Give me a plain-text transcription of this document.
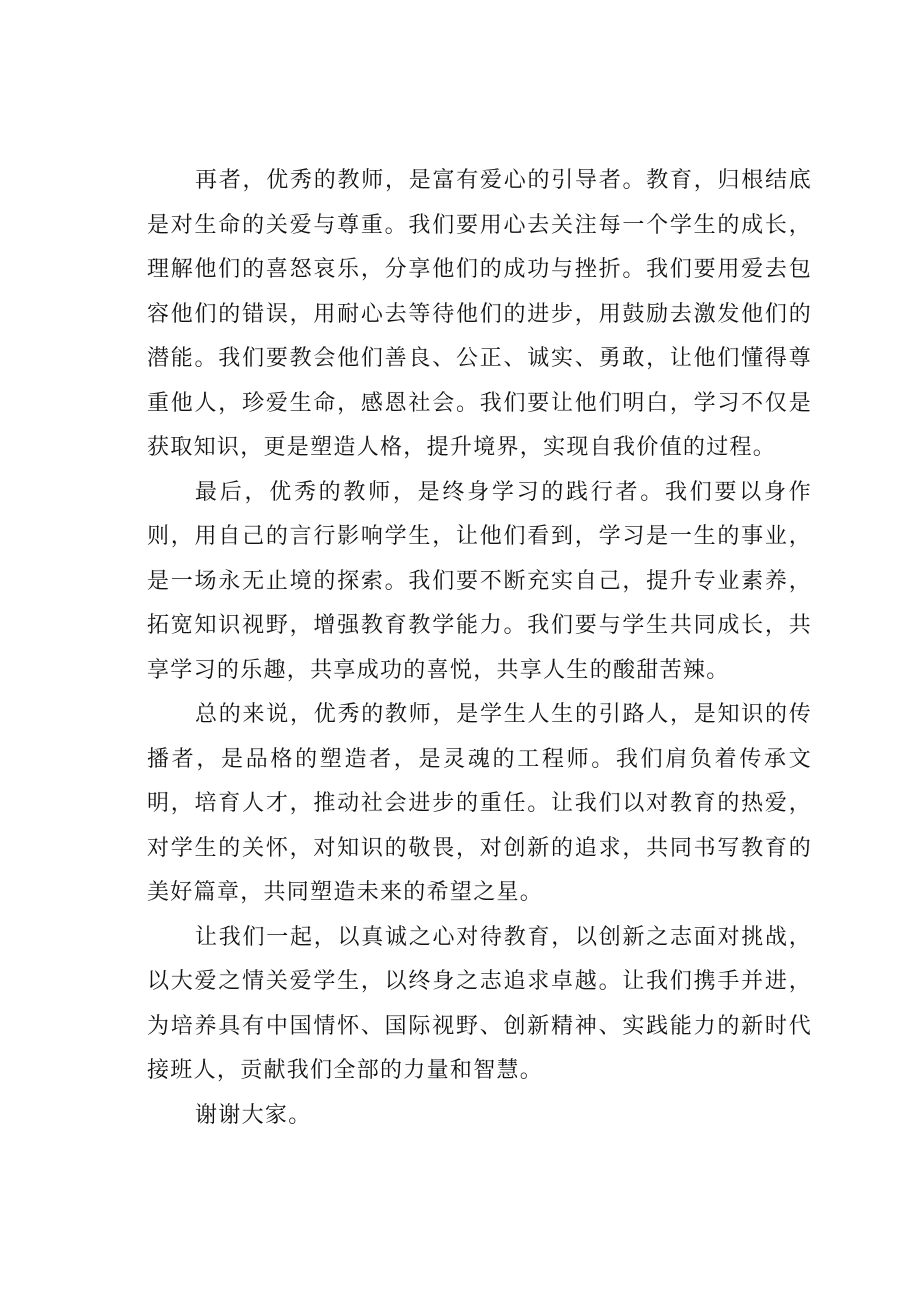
再者，优秀的教师，是富有爱心的引导者。教育，归根结底是对生命的关爱与尊重。我们要用心去关注每一个学生的成长，理解他们的喜怒哀乐，分享他们的成功与挫折。我们要用爱去包容他们的错误，用耐心去等待他们的进步，用鼓励去激发他们的潜能。我们要教会他们善良、公正、诚实、勇敢，让他们懂得尊重他人，珍爱生命，感恩社会。我们要让他们明白，学习不仅是获取知识，更是塑造人格，提升境界，实现自我价值的过程。

最后，优秀的教师，是终身学习的践行者。我们要以身作则，用自己的言行影响学生，让他们看到，学习是一生的事业，是一场永无止境的探索。我们要不断充实自己，提升专业素养，拓宽知识视野，增强教育教学能力。我们要与学生共同成长，共享学习的乐趣，共享成功的喜悦，共享人生的酸甜苦辣。

总的来说，优秀的教师，是学生人生的引路人，是知识的传播者，是品格的塑造者，是灵魂的工程师。我们肩负着传承文明，培育人才，推动社会进步的重任。让我们以对教育的热爱，对学生的关怀，对知识的敬畏，对创新的追求，共同书写教育的美好篇章，共同塑造未来的希望之星。

让我们一起，以真诚之心对待教育，以创新之志面对挑战，以大爱之情关爱学生，以终身之志追求卓越。让我们携手并进，为培养具有中国情怀、国际视野、创新精神、实践能力的新时代接班人，贡献我们全部的力量和智慧。

谢谢大家。
